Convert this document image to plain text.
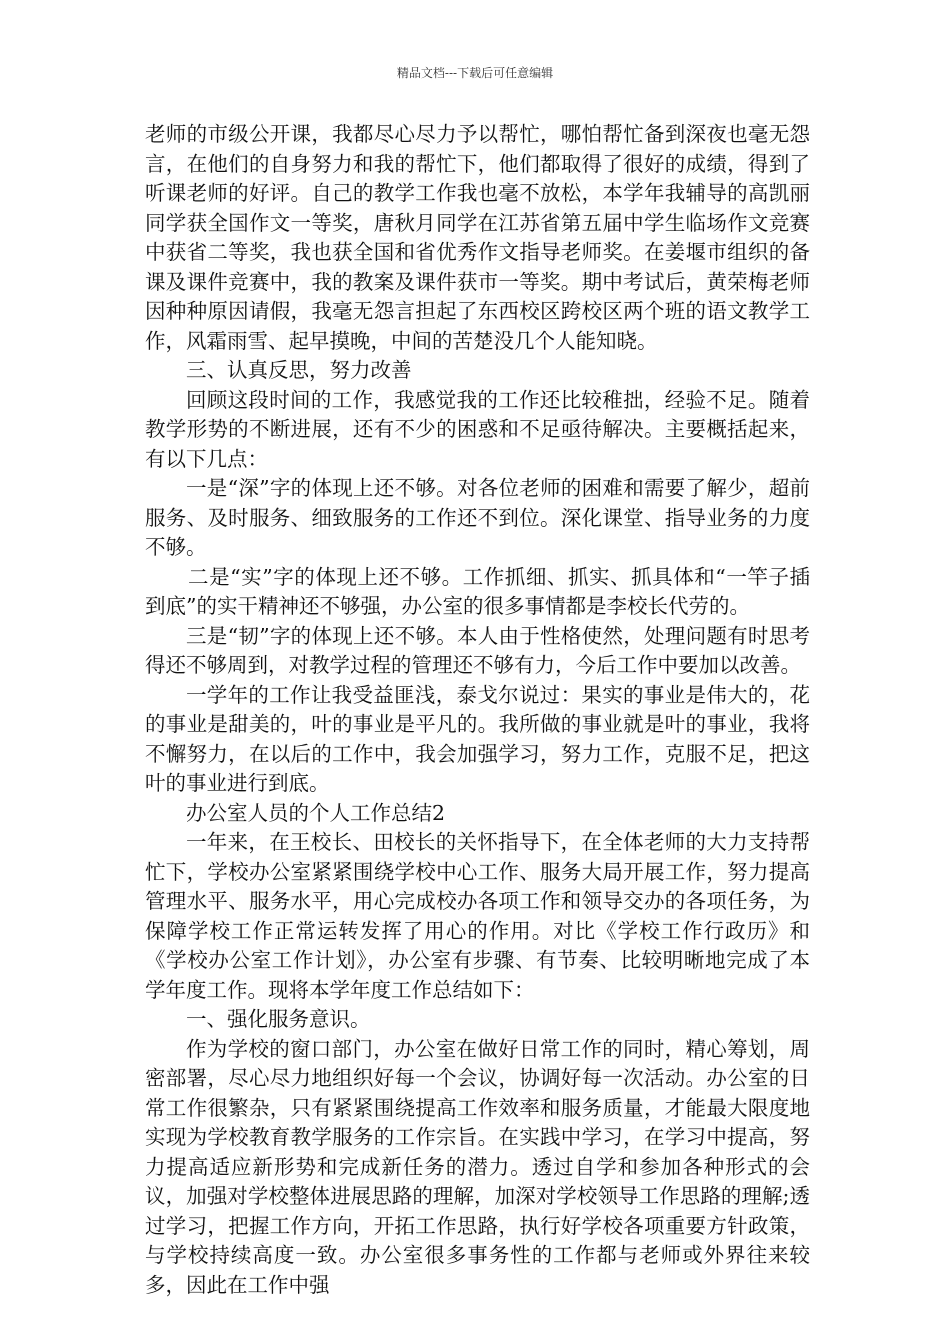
精品文档---下载后可任意编辑

老师的市级公开课，我都尽心尽力予以帮忙，哪怕帮忙备到深夜也毫无怨言，在他们的自身努力和我的帮忙下，他们都取得了很好的成绩，得到了听课老师的好评。自己的教学工作我也毫不放松，本学年我辅导的高凯丽同学获全国作文一等奖，唐秋月同学在江苏省第五届中学生临场作文竞赛中获省二等奖，我也获全国和省优秀作文指导老师奖。在姜堰市组织的备课及课件竞赛中，我的教案及课件获市一等奖。期中考试后，黄荣梅老师因种种原因请假，我毫无怨言担起了东西校区跨校区两个班的语文教学工作，风霜雨雪、起早摸晚，中间的苦楚没几个人能知晓。

三、认真反思，努力改善

回顾这段时间的工作，我感觉我的工作还比较稚拙，经验不足。随着教学形势的不断进展，还有不少的困惑和不足亟待解决。主要概括起来，有以下几点：

一是“深”字的体现上还不够。对各位老师的困难和需要了解少，超前服务、及时服务、细致服务的工作还不到位。深化课堂、指导业务的力度不够。

二是“实”字的体现上还不够。工作抓细、抓实、抓具体和“一竿子插到底”的实干精神还不够强，办公室的很多事情都是李校长代劳的。

三是“韧”字的体现上还不够。本人由于性格使然，处理问题有时思考得还不够周到，对教学过程的管理还不够有力，今后工作中要加以改善。

一学年的工作让我受益匪浅，泰戈尔说过：果实的事业是伟大的，花的事业是甜美的，叶的事业是平凡的。我所做的事业就是叶的事业，我将不懈努力，在以后的工作中，我会加强学习，努力工作，克服不足，把这叶的事业进行到底。

办公室人员的个人工作总结2

一年来，在王校长、田校长的关怀指导下，在全体老师的大力支持帮忙下，学校办公室紧紧围绕学校中心工作、服务大局开展工作，努力提高管理水平、服务水平，用心完成校办各项工作和领导交办的各项任务，为保障学校工作正常运转发挥了用心的作用。对比《学校工作行政历》和《学校办公室工作计划》，办公室有步骤、有节奏、比较明晰地完成了本学年度工作。现将本学年度工作总结如下：

一、强化服务意识。

作为学校的窗口部门，办公室在做好日常工作的同时，精心筹划，周密部署，尽心尽力地组织好每一个会议，协调好每一次活动。办公室的日常工作很繁杂，只有紧紧围绕提高工作效率和服务质量，才能最大限度地实现为学校教育教学服务的工作宗旨。在实践中学习，在学习中提高，努力提高适应新形势和完成新任务的潜力。透过自学和参加各种形式的会议，加强对学校整体进展思路的理解，加深对学校领导工作思路的理解;透过学习，把握工作方向，开拓工作思路，执行好学校各项重要方针政策，与学校持续高度一致。办公室很多事务性的工作都与老师或外界往来较多，因此在工作中强
